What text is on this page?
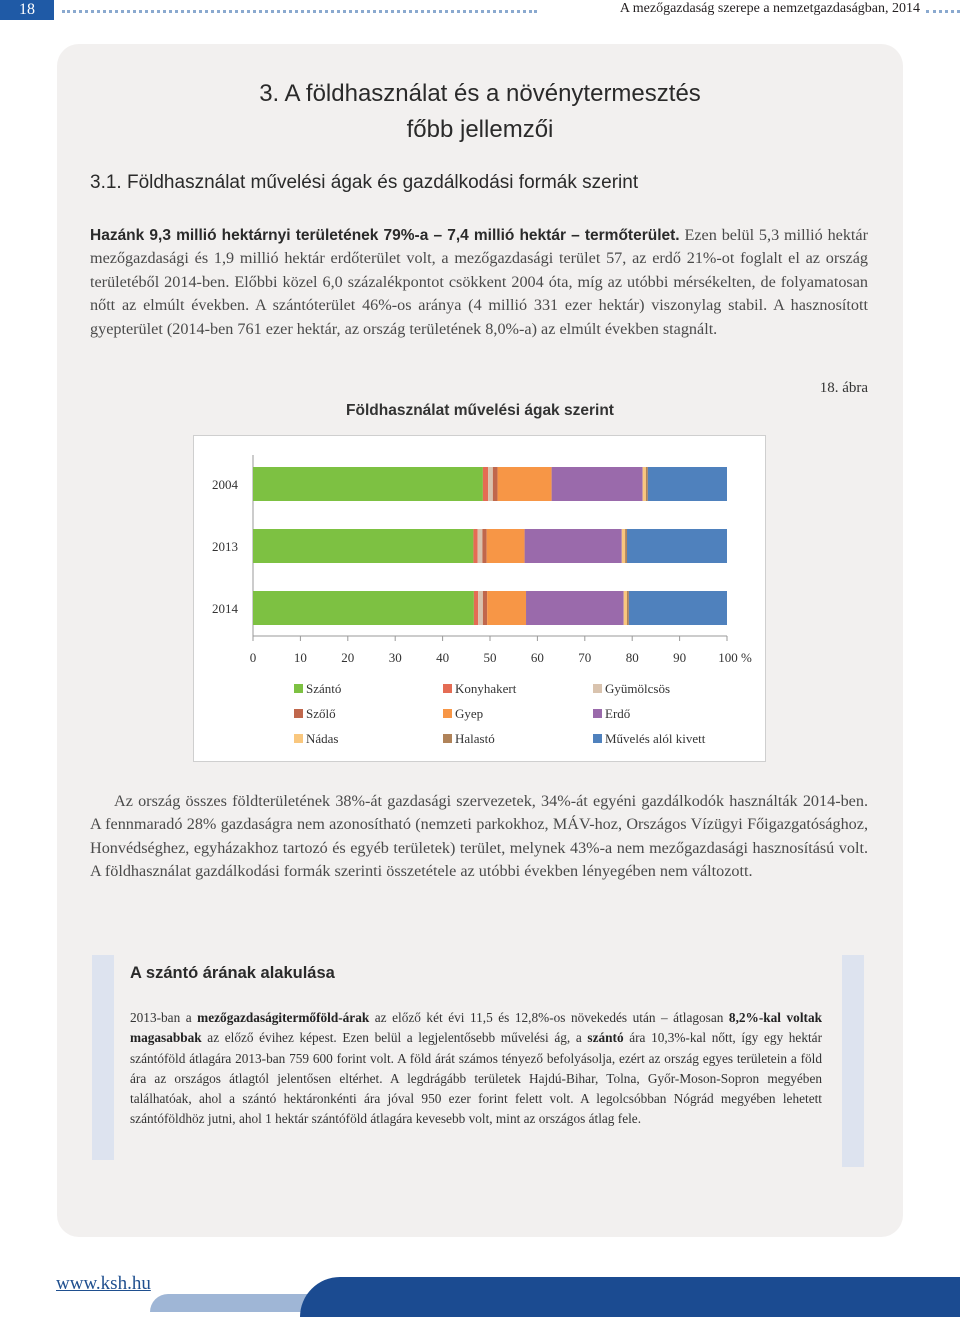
18	A mezőgazdaság szerepe a nemzetgazdaságban, 2014
3. A földhasználat és a növénytermesztés
főbb jellemzői
3.1. Földhasználat művelési ágak és gazdálkodási formák szerint
Hazánk 9,3 millió hektárnyi területének 79%-a – 7,4 millió hektár – termőterület. Ezen belül 5,3 millió hektár mezőgazdasági és 1,9 millió hektár erdőterület volt, a mezőgazdasági terület 57, az erdő 21%-ot foglalt el az ország területéből 2014-ben. Előbbi közel 6,0 százalékpontot csökkent 2004 óta, míg az utóbbi mérsékelten, de folyamatosan nőtt az elmúlt években. A szántóterület 46%-os aránya (4 millió 331 ezer hektár) viszonylag stabil. A hasznosított gyepterület (2014-ben 761 ezer hektár, az ország területének 8,0%-a) az elmúlt években stagnált.
18. ábra
Földhasználat művelési ágak szerint
2004
2013
2014
0	10	20	30	40	50	60	70	80	90 100 %
Szántó	Konyhakert	Gyümölcsös
Szőlő	Gyep	Erdő
Nádas	Halastó	Művelés alól kivett
Az ország összes földterületének 38%-át gazdasági szervezetek, 34%-át egyéni gazdálkodók használták 2014-ben. A fennmaradó 28% gazdaságra nem azonosítható (nemzeti parkokhoz, MÁV-hoz, Országos Vízügyi Főigazgatósághoz, Honvédséghez, egyházakhoz tartozó és egyéb területek) terület, melynek 43%-a nem mezőgazdasági hasznosítású volt. A földhasználat gazdálkodási formák szerinti összetétele az utóbbi években lényegében nem változott.
A szántó árának alakulása
2013-ban a mezőgazdaságitermőföld-árak az előző két évi 11,5 és 12,8%-os növekedés után – átlagosan 8,2%-kal voltak magasabbak az előző évihez képest. Ezen belül a legjelentősebb művelési ág, a szántó ára 10,3%-kal nőtt, így egy hektár szántóföld átlagára 2013-ban 759 600 forint volt. A föld árát számos tényező befolyásolja, ezért az ország egyes területein a föld ára az országos átlagtól jelentősen eltérhet. A legdrágább területek Hajdú-Bihar, Tolna, Győr-Moson-Sopron megyében találhatóak, ahol a szántó hektáronkénti ára jóval 950 ezer forint felett volt. A legolcsóbban Nógrád megyében lehetett szántóföldhöz jutni, ahol 1 hektár szántóföld átlagára kevesebb volt, mint az országos átlag fele.
www.ksh.hu
